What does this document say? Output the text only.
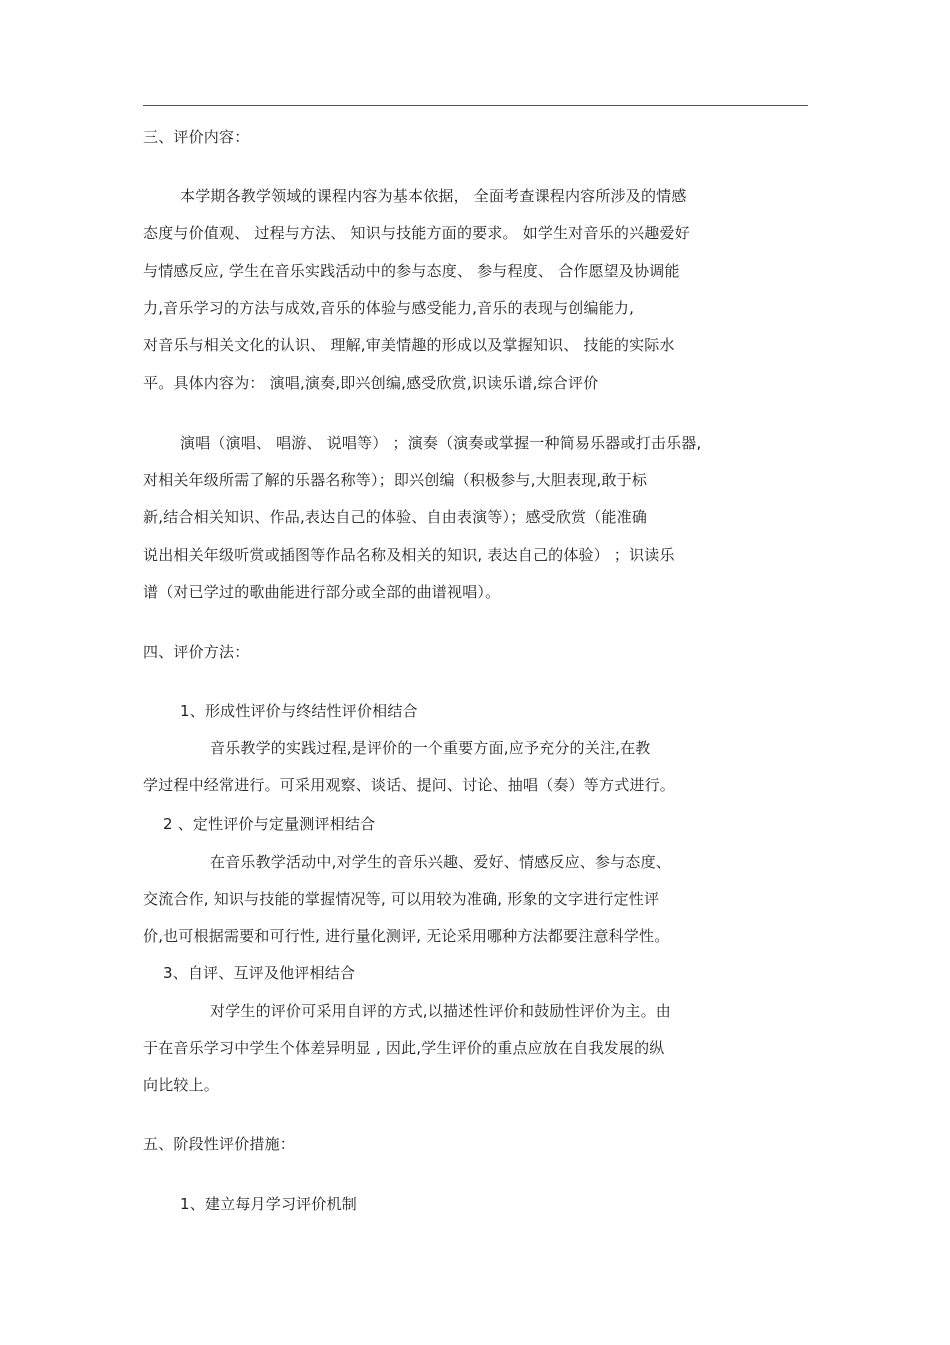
三、评价内容：
本学期各教学领域的课程内容为基本依据， 全面考查课程内容所涉及的情感
态度与价值观、 过程与方法、 知识与技能方面的要求。 如学生对音乐的兴趣爱好
与情感反应, 学生在音乐实践活动中的参与态度、 参与程度、 合作愿望及协调能
力,音乐学习的方法与成效,音乐的体验与感受能力,音乐的表现与创编能力,
对音乐与相关文化的认识、 理解,审美情趣的形成以及掌握知识、 技能的实际水
平。具体内容为： 演唱,演奏,即兴创编,感受欣赏,识读乐谱,综合评价
演唱（演唱、 唱游、 说唱等） ；演奏（演奏或掌握一种简易乐器或打击乐器,
对相关年级所需了解的乐器名称等）；即兴创编（积极参与,大胆表现,敢于标
新,结合相关知识、作品,表达自己的体验、自由表演等）；感受欣赏（能准确
说出相关年级听赏或插图等作品名称及相关的知识, 表达自己的体验） ；识读乐
谱（对已学过的歌曲能进行部分或全部的曲谱视唱）。
四、评价方法：
1、形成性评价与终结性评价相结合
音乐教学的实践过程,是评价的一个重要方面,应予充分的关注,在教
学过程中经常进行。可采用观察、谈话、提问、讨论、抽唱（奏）等方式进行。
2 、定性评价与定量测评相结合
在音乐教学活动中,对学生的音乐兴趣、爱好、情感反应、参与态度、
交流合作, 知识与技能的掌握情况等, 可以用较为准确, 形象的文字进行定性评
价,也可根据需要和可行性, 进行量化测评, 无论采用哪种方法都要注意科学性。
3、自评、互评及他评相结合
对学生的评价可采用自评的方式,以描述性评价和鼓励性评价为主。由
于在音乐学习中学生个体差异明显 , 因此,学生评价的重点应放在自我发展的纵
向比较上。
五、阶段性评价措施：
1、建立每月学习评价机制
